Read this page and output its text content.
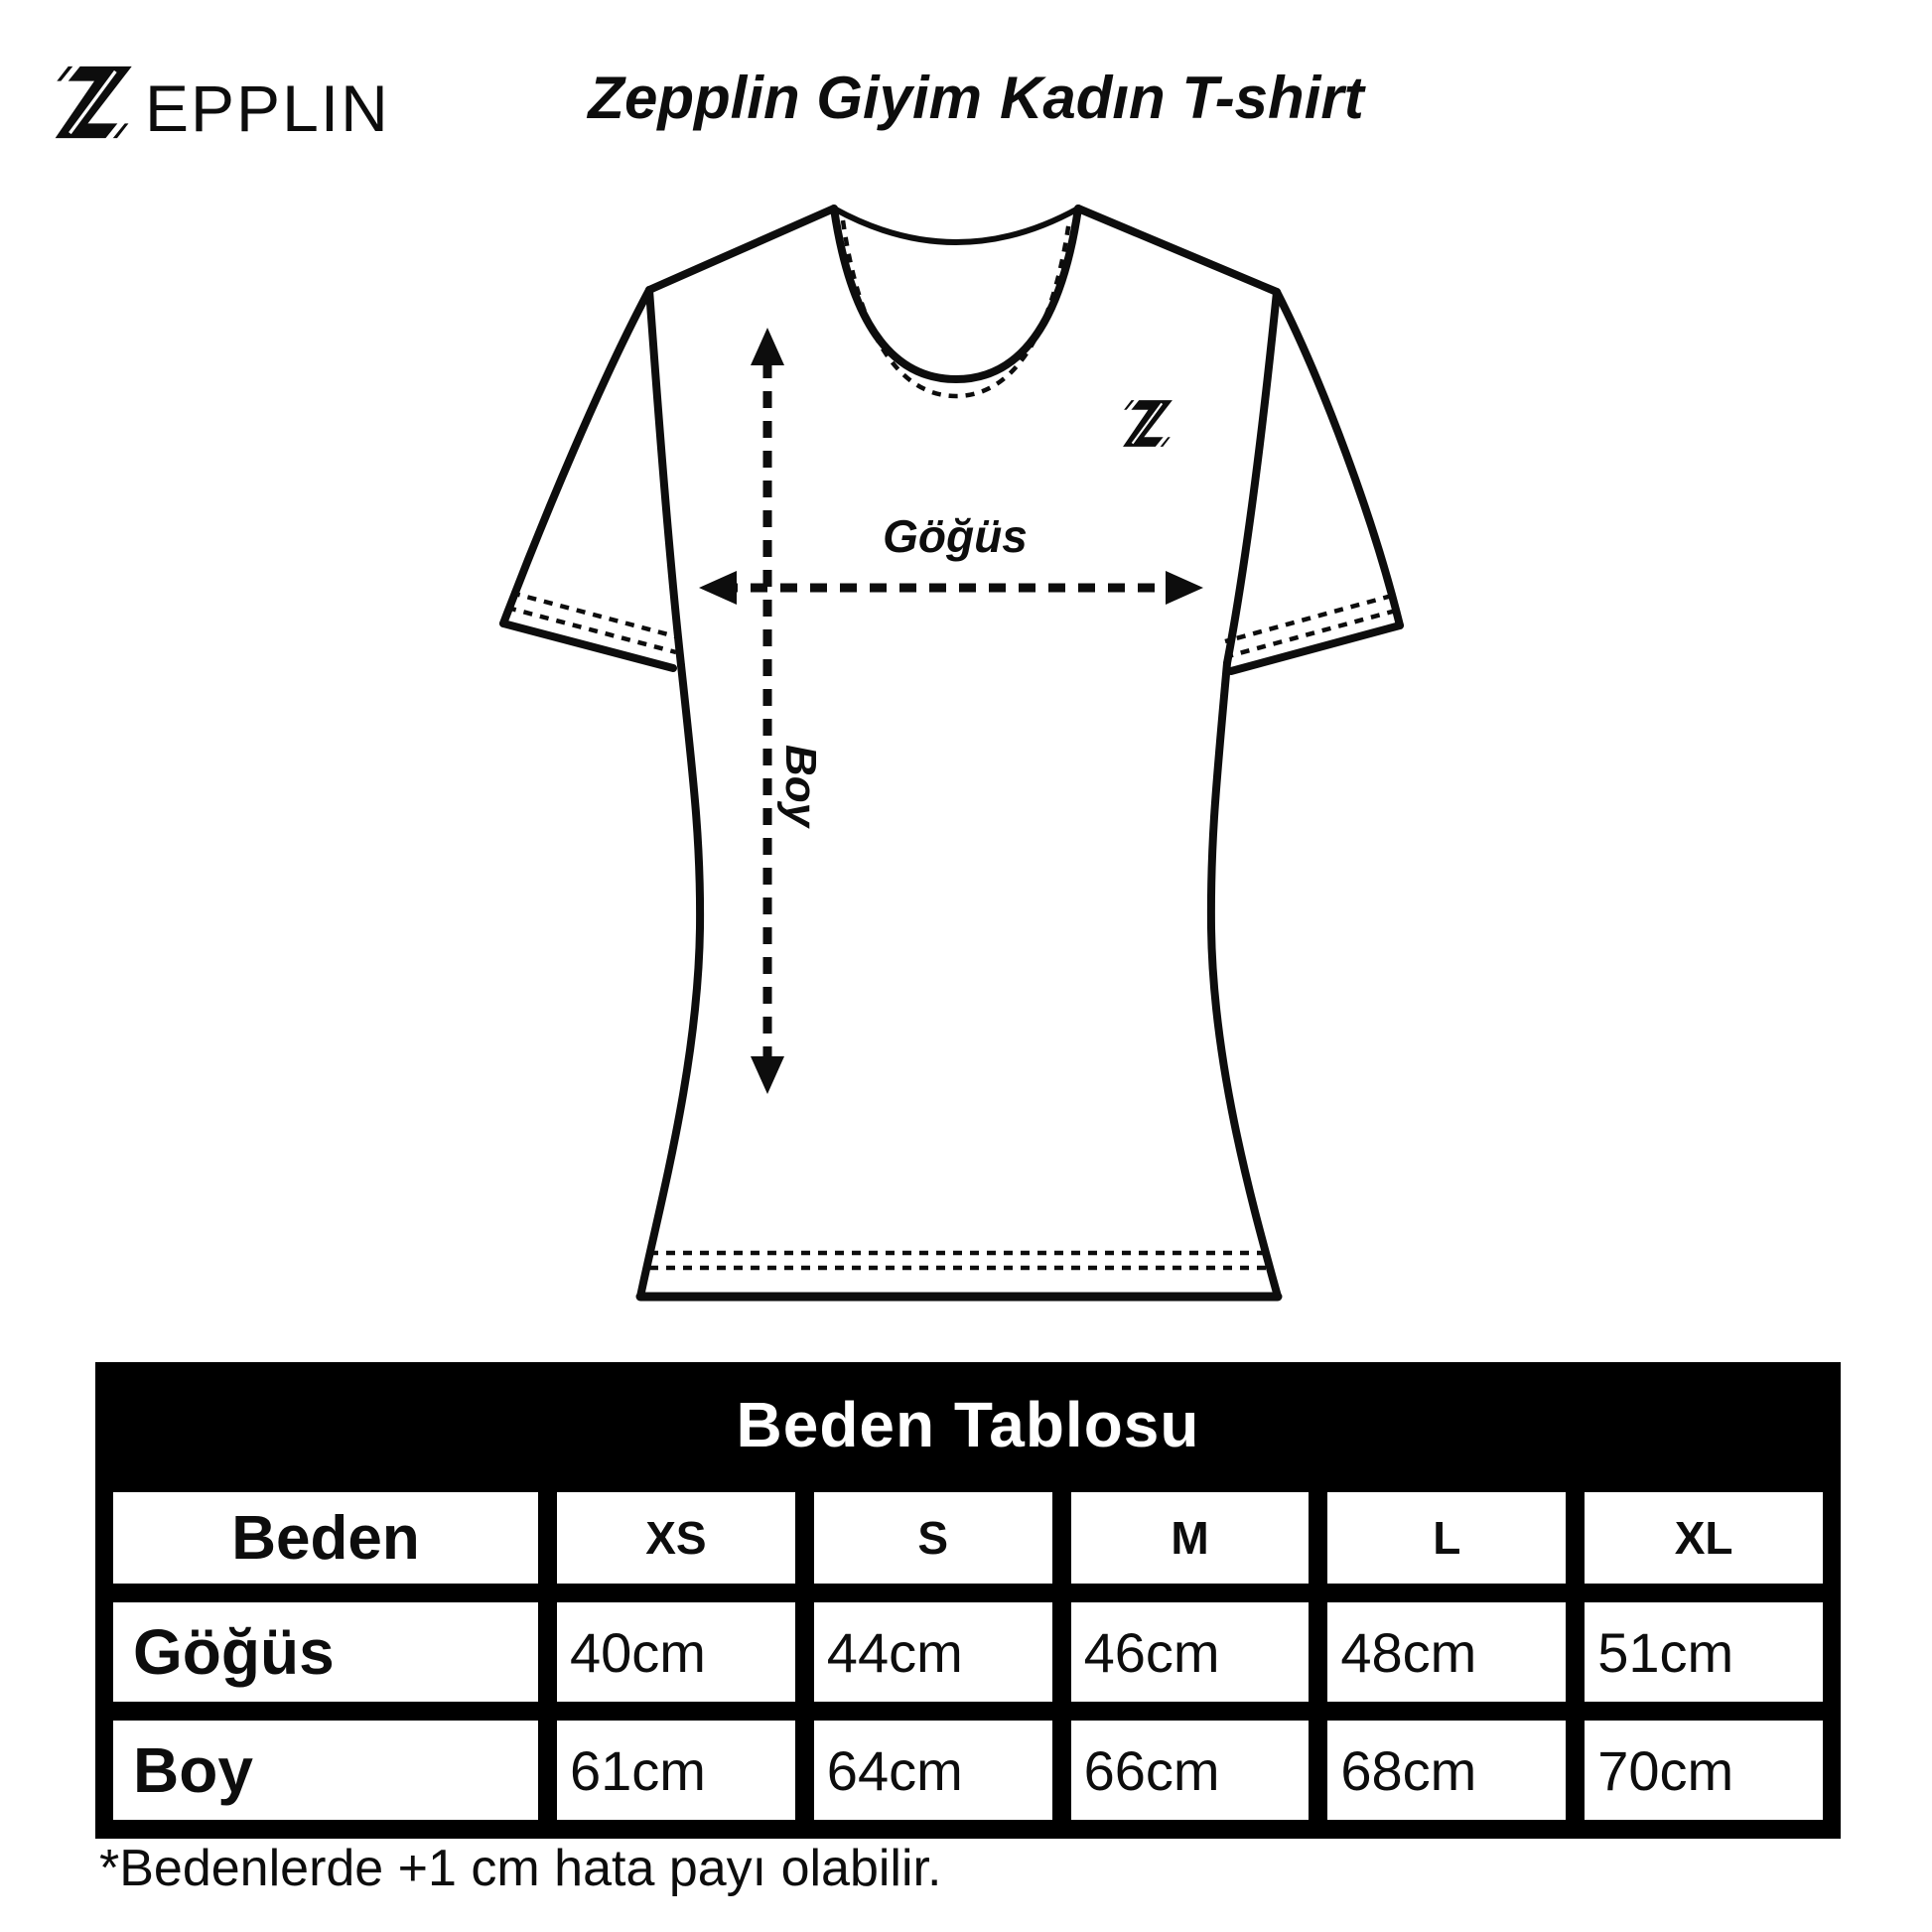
EPPLIN	Zepplin Giyim Kadın T-shirt
Göğüs
Boy
Beden Tablosu
Beden	XS	S	M	L	XL
Göğüs	40cm	44cm	46cm	48cm	51cm
Boy	61cm	64cm	66cm	68cm	70cm
*Bedenlerde +1 cm hata payı olabilir.
